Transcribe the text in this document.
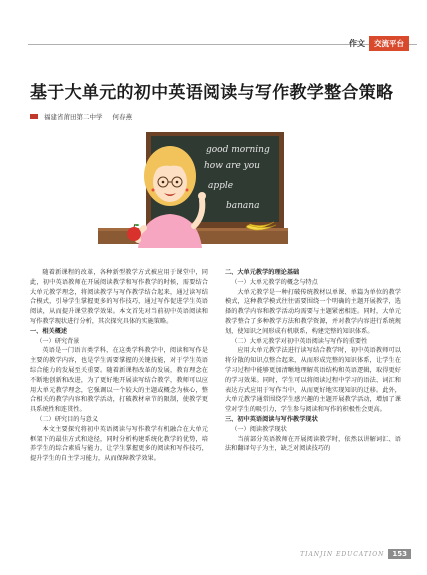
作文	交流平台
基于大单元的初中英语阅读与写作教学整合策略
福建省莆田第二中学 何春燕
good morning
how are you
apple
banana

随着新课程的改革，各种新型教学方式被应用于课堂中，同此，初中英语教师在开展阅读教学和写作教学的时候，需要结合大单元教学理念，将阅读教学与写作教学结合起来，通过读写结合模式，引导学生掌握更多的写作技巧，通过写作促进学生英语阅读，从而提升课堂教学效果。本文首先对当前初中英语阅读和写作教学现状进行分析，其次探究具体的实施策略。

一、相关概述

（一）研究背景

英语是一门语言类学科，在这类学科教学中，阅读和写作是主要的教学内容，也是学生需要掌握的关键技能，对于学生英语综合能力的发展至关重要。随着新课程改革的发展，教育理念在不断地创新和改进，为了更好地开展读写结合教学，教师可以应用大单元教学理念，它强调以一个较大的主题或概念为核心，整合相关的教学内容和教学活动，打破教材章节的限制，使教学更具系统性和连贯性。

（二）研究目的与意义

本文主要探究将初中英语阅读与写作教学有机融合在大单元框架下的最佳方式和途径，同时分析构建系统化教学的优势，培养学生的综合素质与能力，让学生掌握更多的阅读和写作技巧，提升学生的自主学习能力，从而保障教学效果。

二、大单元教学的理论基础

（一）大单元教学的概念与特点

大单元教学是一种打破传统教材以单课、单篇为单位的教学模式，这种教学模式往往需要围绕一个明确的主题开展教学，选择的教学内容和教学活动均需要与主题紧密相连。同时，大单元教学整合了多种教学方法和教学资源，并对教学内容进行系统规划，使知识之间形成有机联系，构建完整的知识体系。

（二）大单元教学对初中英语阅读与写作的重要性

应用大单元教学法进行读写结合教学时，初中英语教师可以将分散的知识点整合起来，从而形成完整的知识体系，让学生在学习过程中能够更加清晰地理解英语结构和英语逻辑，取得更好的学习效果。同时，学生可以将阅读过程中学习的语法、词汇和表达方式应用于写作当中，从而更好地实现知识的迁移。此外，大单元教学通常围绕学生感兴趣的主题开展教学活动，增加了课堂对学生的吸引力，学生参与阅读和写作的积极性会更高。

三、初中英语阅读与写作教学现状

（一）阅读教学现状

当前部分英语教师在开展阅读教学时，依然以讲解词汇、语法和翻译句子为主，缺乏对阅读技巧的

TIANJIN EDUCATION	153
